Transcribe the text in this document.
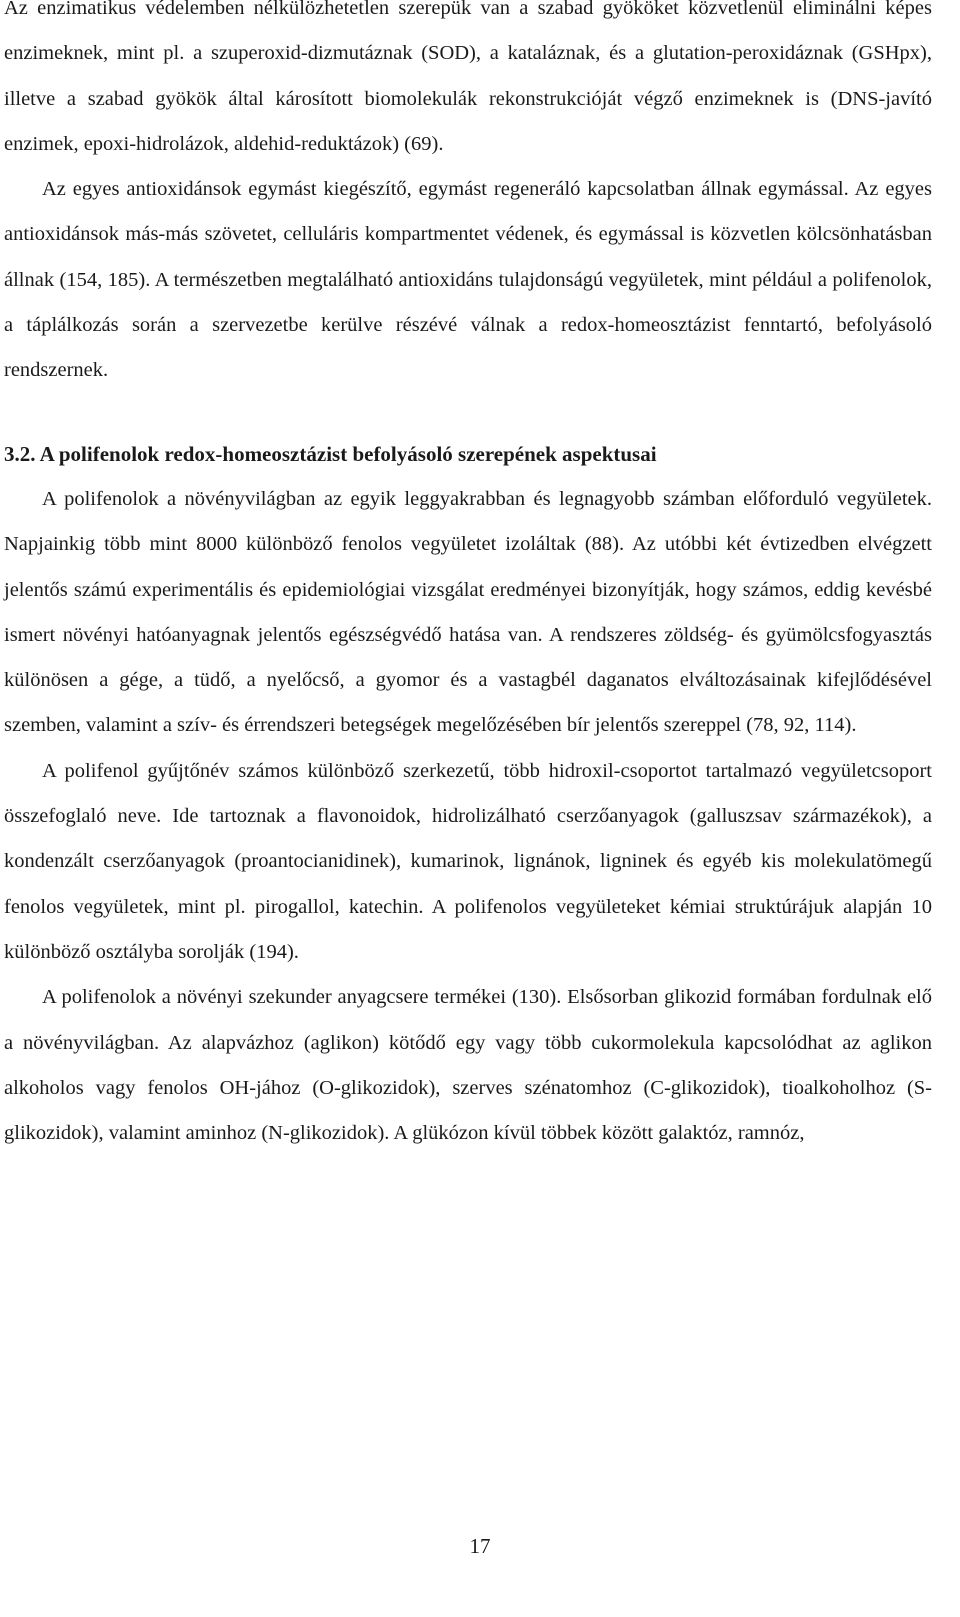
Az enzimatikus védelemben nélkülözhetetlen szerepük van a szabad gyököket közvetlenül eliminálni képes enzimeknek, mint pl. a szuperoxid-dizmutáznak (SOD), a kataláznak, és a glutation-peroxidáznak (GSHpx), illetve a szabad gyökök által károsított biomolekulák rekonstrukcióját végző enzimeknek is (DNS-javító enzimek, epoxi-hidrolázok, aldehid-reduktázok) (69).

Az egyes antioxidánsok egymást kiegészítő, egymást regeneráló kapcsolatban állnak egymással. Az egyes antioxidánsok más-más szövetet, celluláris kompartmentet védenek, és egymással is közvetlen kölcsönhatásban állnak (154, 185). A természetben megtalálható antioxidáns tulajdonságú vegyületek, mint például a polifenolok, a táplálkozás során a szervezetbe kerülve részévé válnak a redox-homeosztázist fenntartó, befolyásoló rendszernek.

3.2. A polifenolok redox-homeosztázist befolyásoló szerepének aspektusai

A polifenolok a növényvilágban az egyik leggyakrabban és legnagyobb számban előforduló vegyületek. Napjainkig több mint 8000 különböző fenolos vegyületet izoláltak (88). Az utóbbi két évtizedben elvégzett jelentős számú experimentális és epidemiológiai vizsgálat eredményei bizonyítják, hogy számos, eddig kevésbé ismert növényi hatóanyagnak jelentős egészségvédő hatása van. A rendszeres zöldség- és gyümölcsfogyasztás különösen a gége, a tüdő, a nyelőcső, a gyomor és a vastagbél daganatos elváltozásainak kifejlődésével szemben, valamint a szív- és érrendszeri betegségek megelőzésében bír jelentős szereppel (78, 92, 114).

A polifenol gyűjtőnév számos különböző szerkezetű, több hidroxil-csoportot tartalmazó vegyületcsoport összefoglaló neve. Ide tartoznak a flavonoidok, hidrolizálható cserzőanyagok (galluszsav származékok), a kondenzált cserzőanyagok (proantocianidinek), kumarinok, lignánok, ligninek és egyéb kis molekulatömegű fenolos vegyületek, mint pl. pirogallol, katechin. A polifenolos vegyületeket kémiai struktúrájuk alapján 10 különböző osztályba sorolják (194).

A polifenolok a növényi szekunder anyagcsere termékei (130). Elsősorban glikozid formában fordulnak elő a növényvilágban. Az alapvázhoz (aglikon) kötődő egy vagy több cukormolekula kapcsolódhat az aglikon alkoholos vagy fenolos OH-jához (O-glikozidok), szerves szénatomhoz (C-glikozidok), tioalkoholhoz (S-glikozidok), valamint aminhoz (N-glikozidok). A glükózon kívül többek között galaktóz, ramnóz,

17
